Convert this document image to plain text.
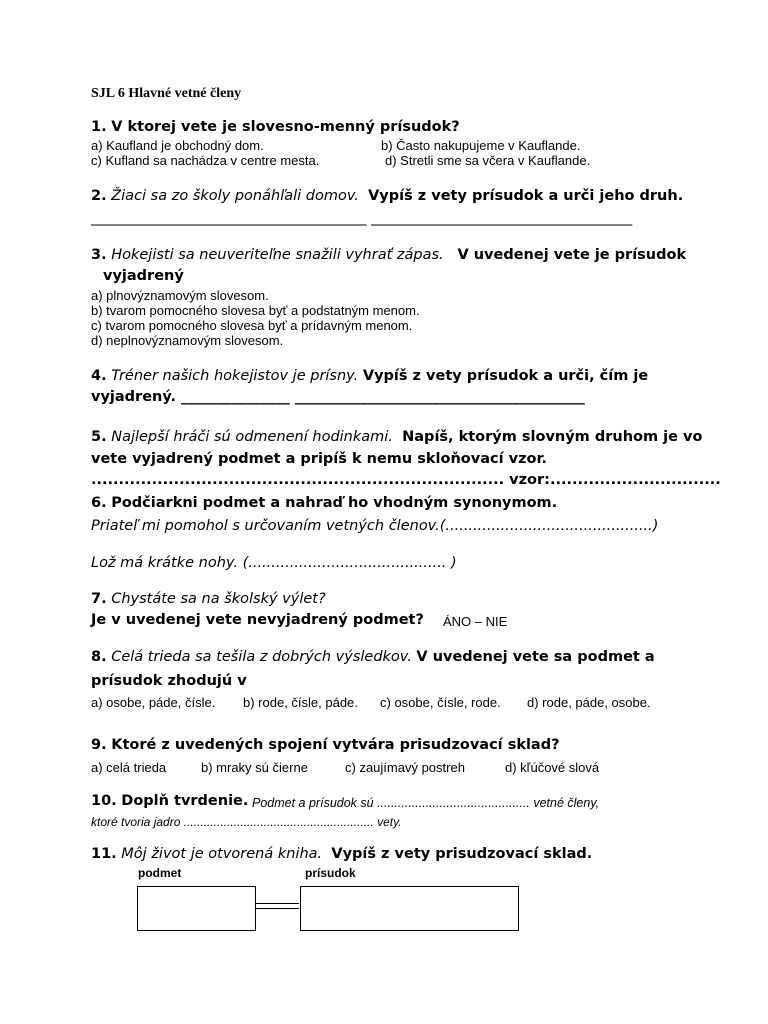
SJL 6 Hlavné vetné členy
1. V ktorej vete je slovesno-menný prísudok?
a) Kaufland je obchodný dom.	b) Často nakupujeme v Kauflande.
c) Kufland sa nachádza v centre mesta.	d) Stretli sme sa včera v Kauflande.
2. Žiaci sa zo školy ponáhľali domov. Vypíš z vety prísudok a urči jeho druh.
______________________________________ ____________________________________
3. Hokejisti sa neuveriteľne snažili vyhrať zápas. V uvedenej vete je prísudok
vyjadrený
a) plnovýznamovým slovesom.
b) tvarom pomocného slovesa byť a podstatným menom.
c) tvarom pomocného slovesa byť a prídavným menom.
d) neplnovýznamovým slovesom.
4. Tréner našich hokejistov je prísny. Vypíš z vety prísudok a urči, čím je
vyjadrený. _______________ ________________________________________
5. Najlepší hráči sú odmenení hodinkami. Napíš, ktorým slovným druhom je vo
vete vyjadrený podmet a pripíš k nemu skloňovací vzor.
........................................................................... vzor:...............................
6. Podčiarkni podmet a nahraď ho vhodným synonymom.
Priateľ mi pomohol s určovaním vetných členov.(.............................................)
Lož má krátke nohy. (........................................... )
7. Chystáte sa na školský výlet?
Je v uvedenej vete nevyjadrený podmet? ÁNO – NIE
8. Celá trieda sa tešila z dobrých výsledkov. V uvedenej vete sa podmet a
prísudok zhodujú v
a) osobe, páde, čísle. b) rode, čísle, páde. c) osobe, čísle, rode. d) rode, páde, osobe.
9. Ktoré z uvedených spojení vytvára prisudzovací sklad?
a) celá trieda	b) mraky sú čierne	c) zaujímavý postreh	d) kľúčové slová
10. Doplň tvrdenie. Podmet a prísudok sú ............................................ vetné členy,
ktoré tvoria jadro ......................................................... vety.
11. Môj život je otvorená kniha. Vypíš z vety prisudzovací sklad.
podmet	prísudok
